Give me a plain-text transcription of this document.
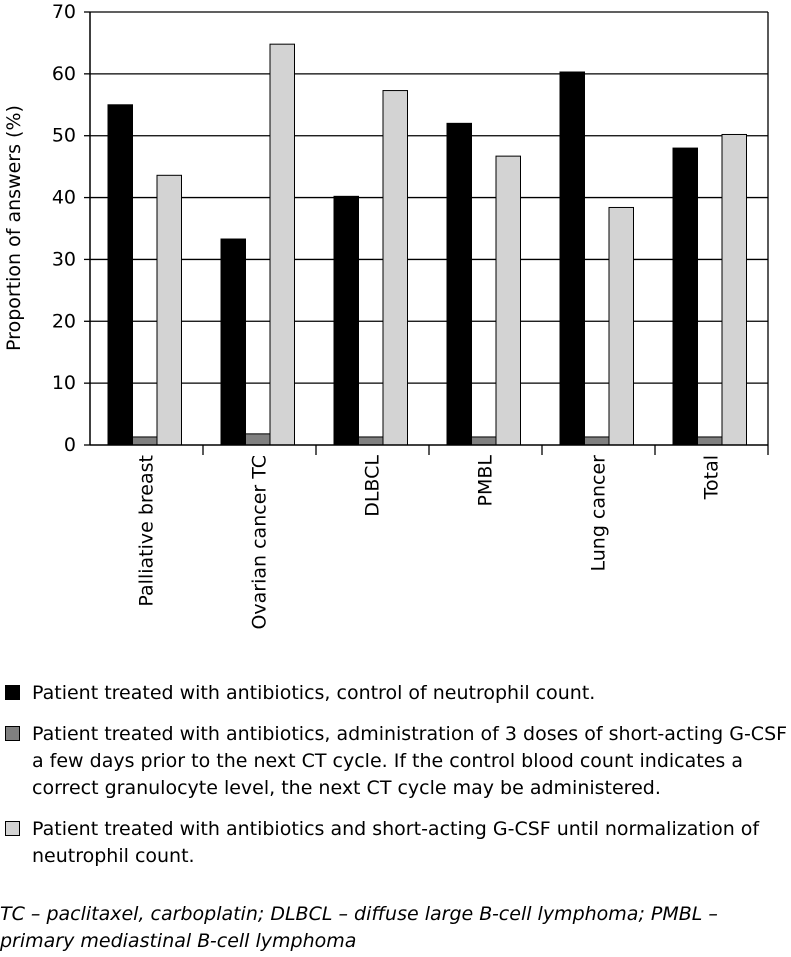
0
10
20
30
40
50
60
70
Palliative breast	Ovarian cancer TC	DLBCL	PMBL	Lung cancer	Total
Proportion of answers (%)
Patient treated with antibiotics, control of neutrophil count.
Patient treated with antibiotics, administration of 3 doses of short-acting G-CSF a few days prior to the next CT cycle. If the control blood count indicates a correct granulocyte level, the next CT cycle may be administered.
Patient treated with antibiotics and short-acting G-CSF until normalization of neutrophil count.
TC – paclitaxel, carboplatin; DLBCL – diffuse large B-cell lymphoma; PMBL – primary mediastinal B-cell lymphoma
